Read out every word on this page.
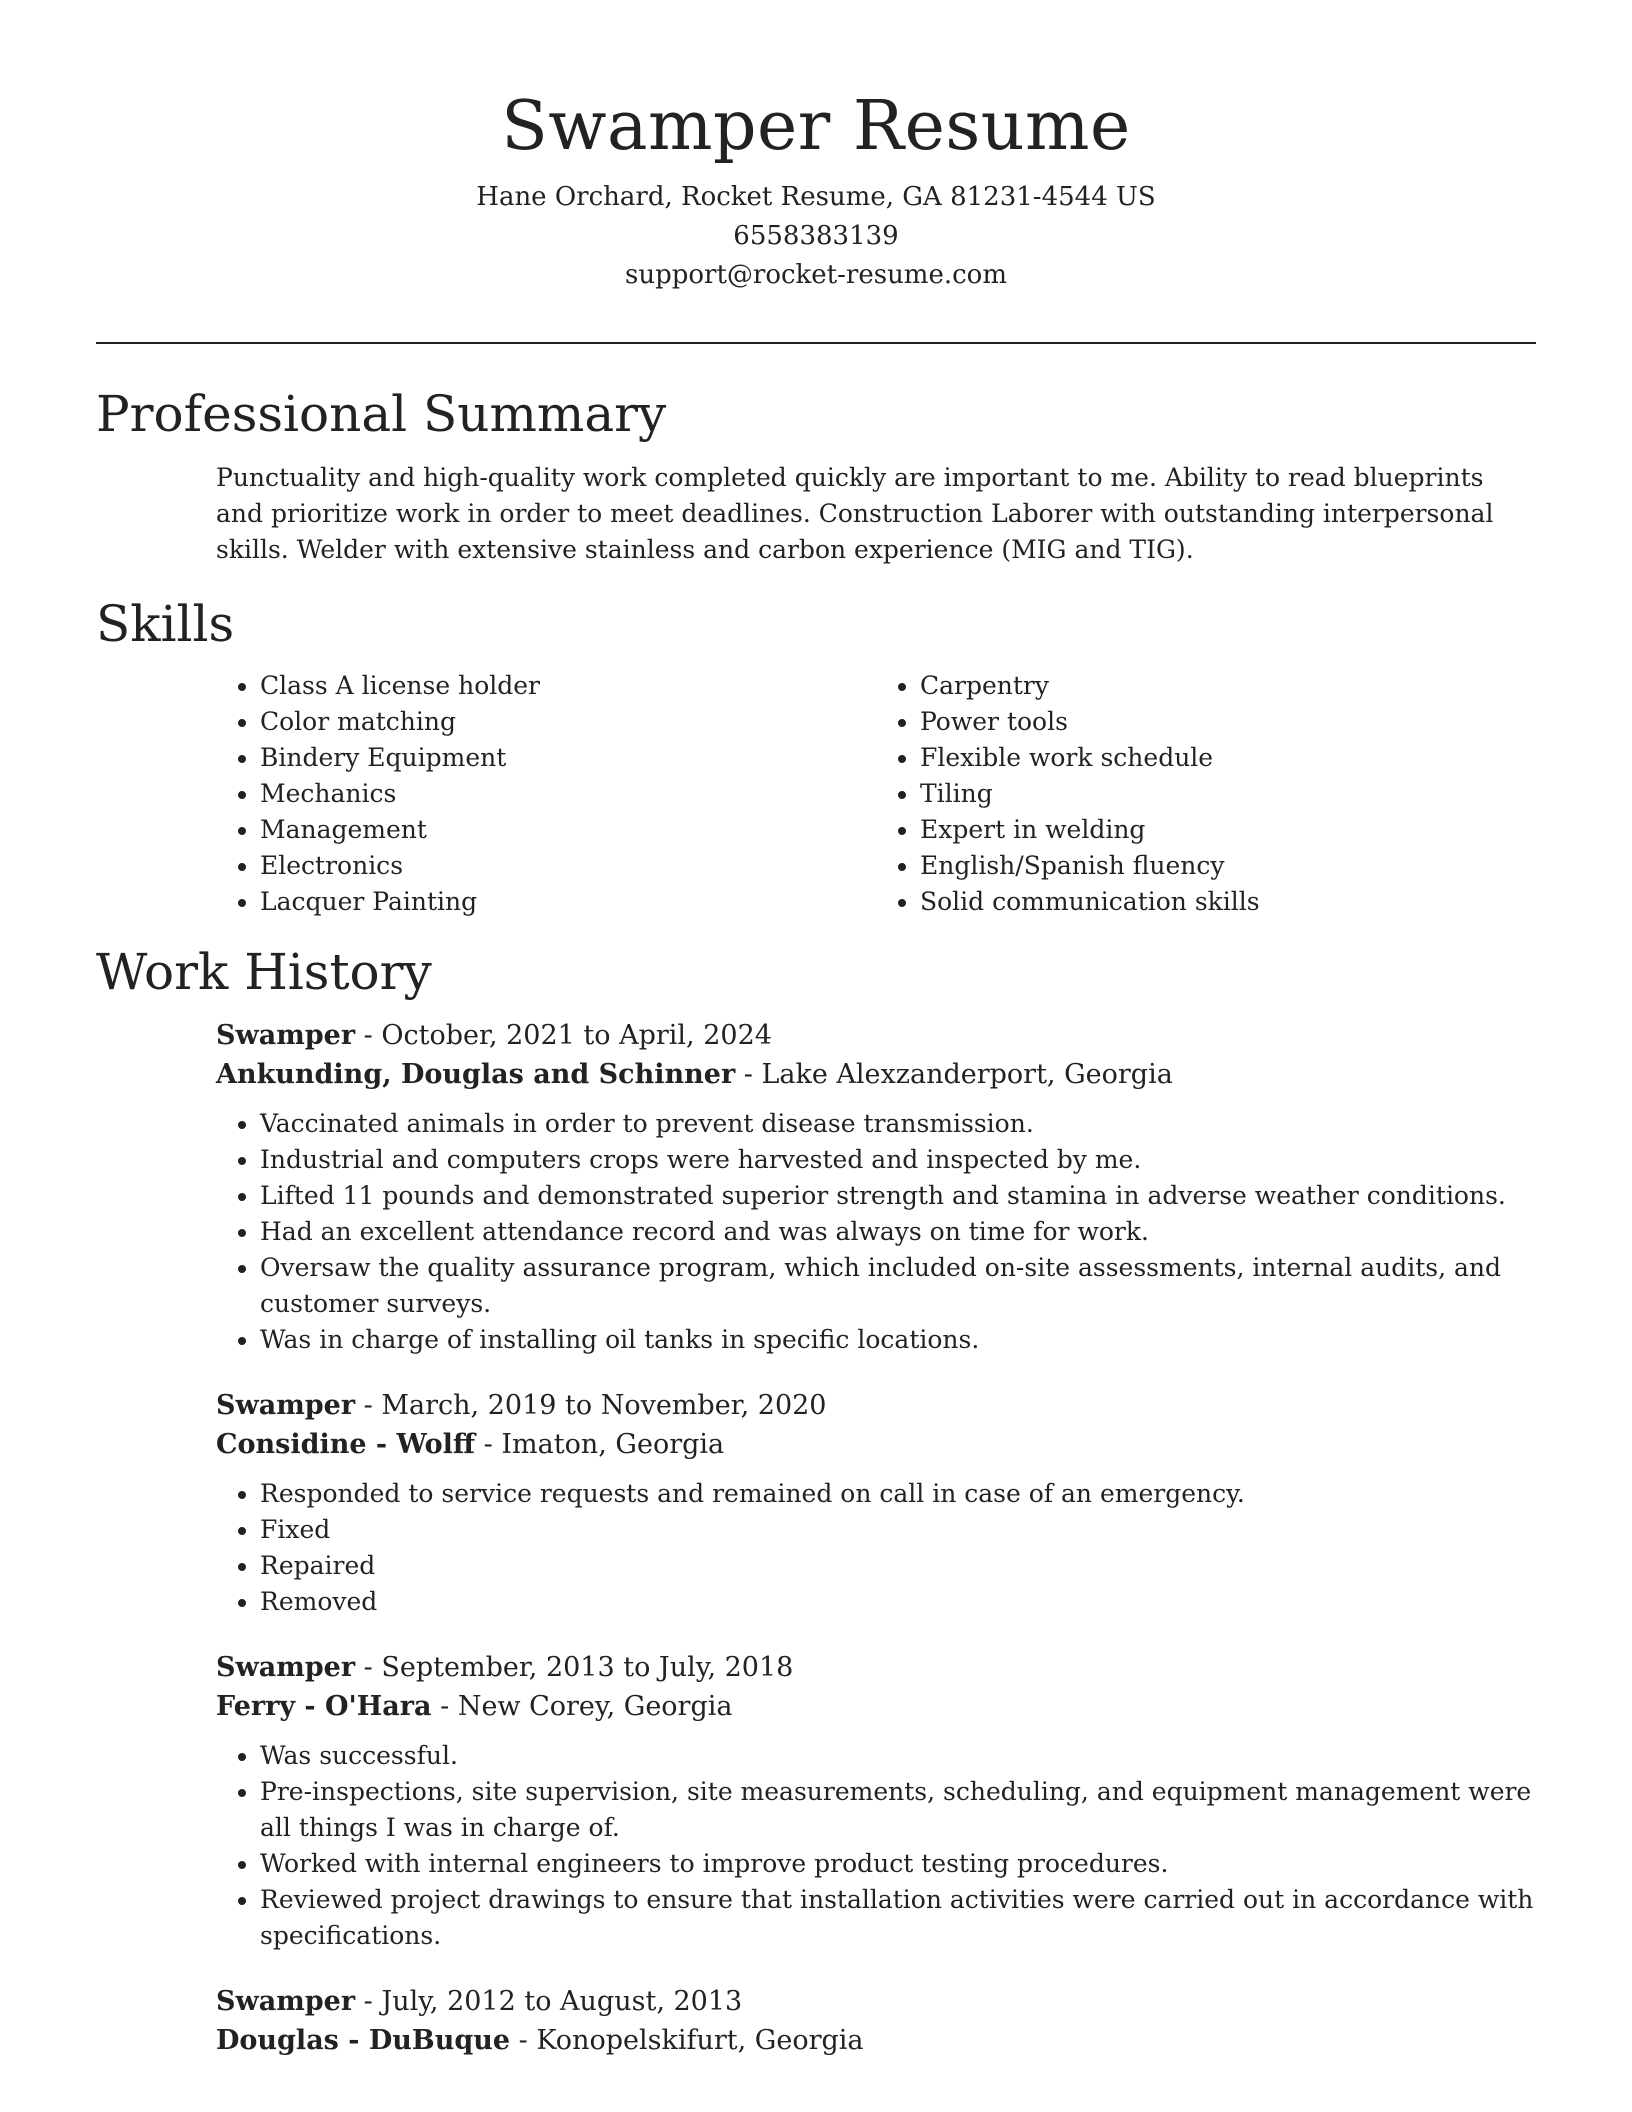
Swamper Resume
Hane Orchard, Rocket Resume, GA 81231-4544 US
6558383139
support@rocket-resume.com
Professional Summary

Punctuality and high-quality work completed quickly are important to me. Ability to read blueprints and prioritize work in order to meet deadlines. Construction Laborer with outstanding interpersonal skills. Welder with extensive stainless and carbon experience (MIG and TIG).

Skills
• Class A license holder
• Color matching
• Bindery Equipment
• Mechanics
• Management
• Electronics
• Lacquer Painting
• Carpentry
• Power tools
• Flexible work schedule
• Tiling
• Expert in welding
• English/Spanish fluency
• Solid communication skills
Work History
Swamper - October, 2021 to April, 2024
Ankunding, Douglas and Schinner - Lake Alexzanderport, Georgia
• Vaccinated animals in order to prevent disease transmission.
• Industrial and computers crops were harvested and inspected by me.
• Lifted 11 pounds and demonstrated superior strength and stamina in adverse weather conditions.
• Had an excellent attendance record and was always on time for work.
• Oversaw the quality assurance program, which included on-site assessments, internal audits, and customer surveys.
• Was in charge of installing oil tanks in specific locations.
Swamper - March, 2019 to November, 2020
Considine - Wolff - Imaton, Georgia
• Responded to service requests and remained on call in case of an emergency.
• Fixed
• Repaired
• Removed
Swamper - September, 2013 to July, 2018
Ferry - O'Hara - New Corey, Georgia
• Was successful.
• Pre-inspections, site supervision, site measurements, scheduling, and equipment management were all things I was in charge of.
• Worked with internal engineers to improve product testing procedures.
• Reviewed project drawings to ensure that installation activities were carried out in accordance with specifications.
Swamper - July, 2012 to August, 2013
Douglas - DuBuque - Konopelskifurt, Georgia
